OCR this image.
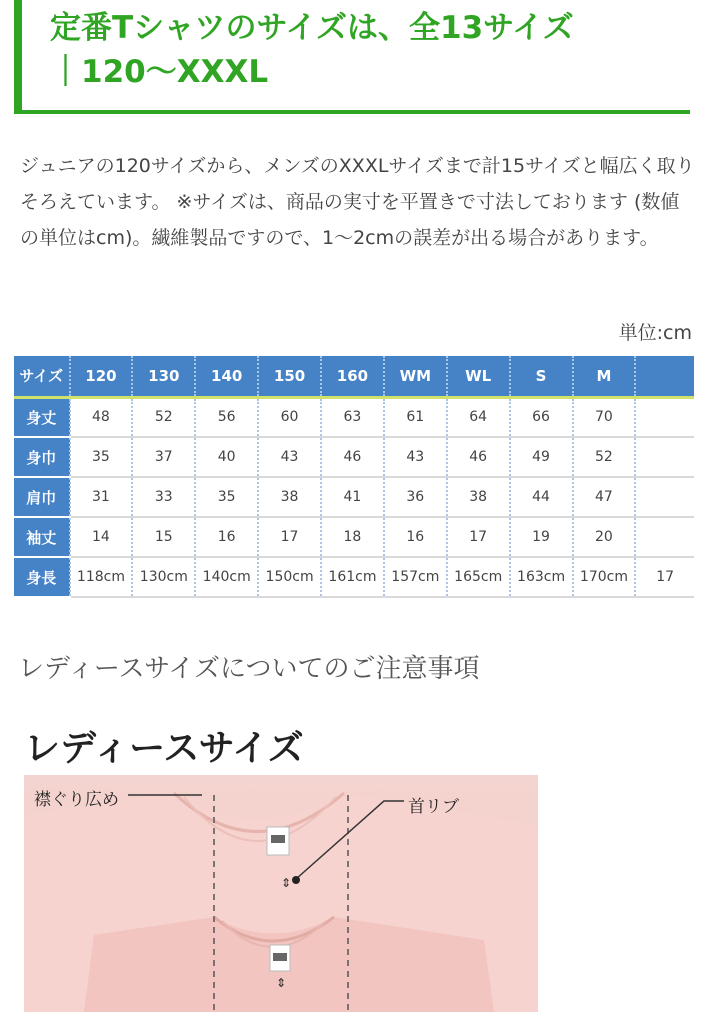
定番Tシャツのサイズは、全13サイズ
｜120〜XXXL
ジュニアの120サイズから、メンズのXXXLサイズまで計15サイズと幅広く取りそろえています。 ※サイズは、商品の実寸を平置きで寸法しております (数値の単位はcm)。繊維製品ですので、1〜2cmの誤差が出る場合があります。
単位:cm
サイズ	120	130	140	150	160	WM	WL	S	M	
身丈	48	52	56	60	63	61	64	66	70	
身巾	35	37	40	43	46	43	46	49	52	
肩巾	31	33	35	38	41	36	38	44	47	
袖丈	14	15	16	17	18	16	17	19	20	
身長	118cm	130cm	140cm	150cm	161cm	157cm	165cm	163cm	170cm	17
レディースサイズについてのご注意事項
レディースサイズ
⇕
⇕
襟ぐり広め	首リブ
